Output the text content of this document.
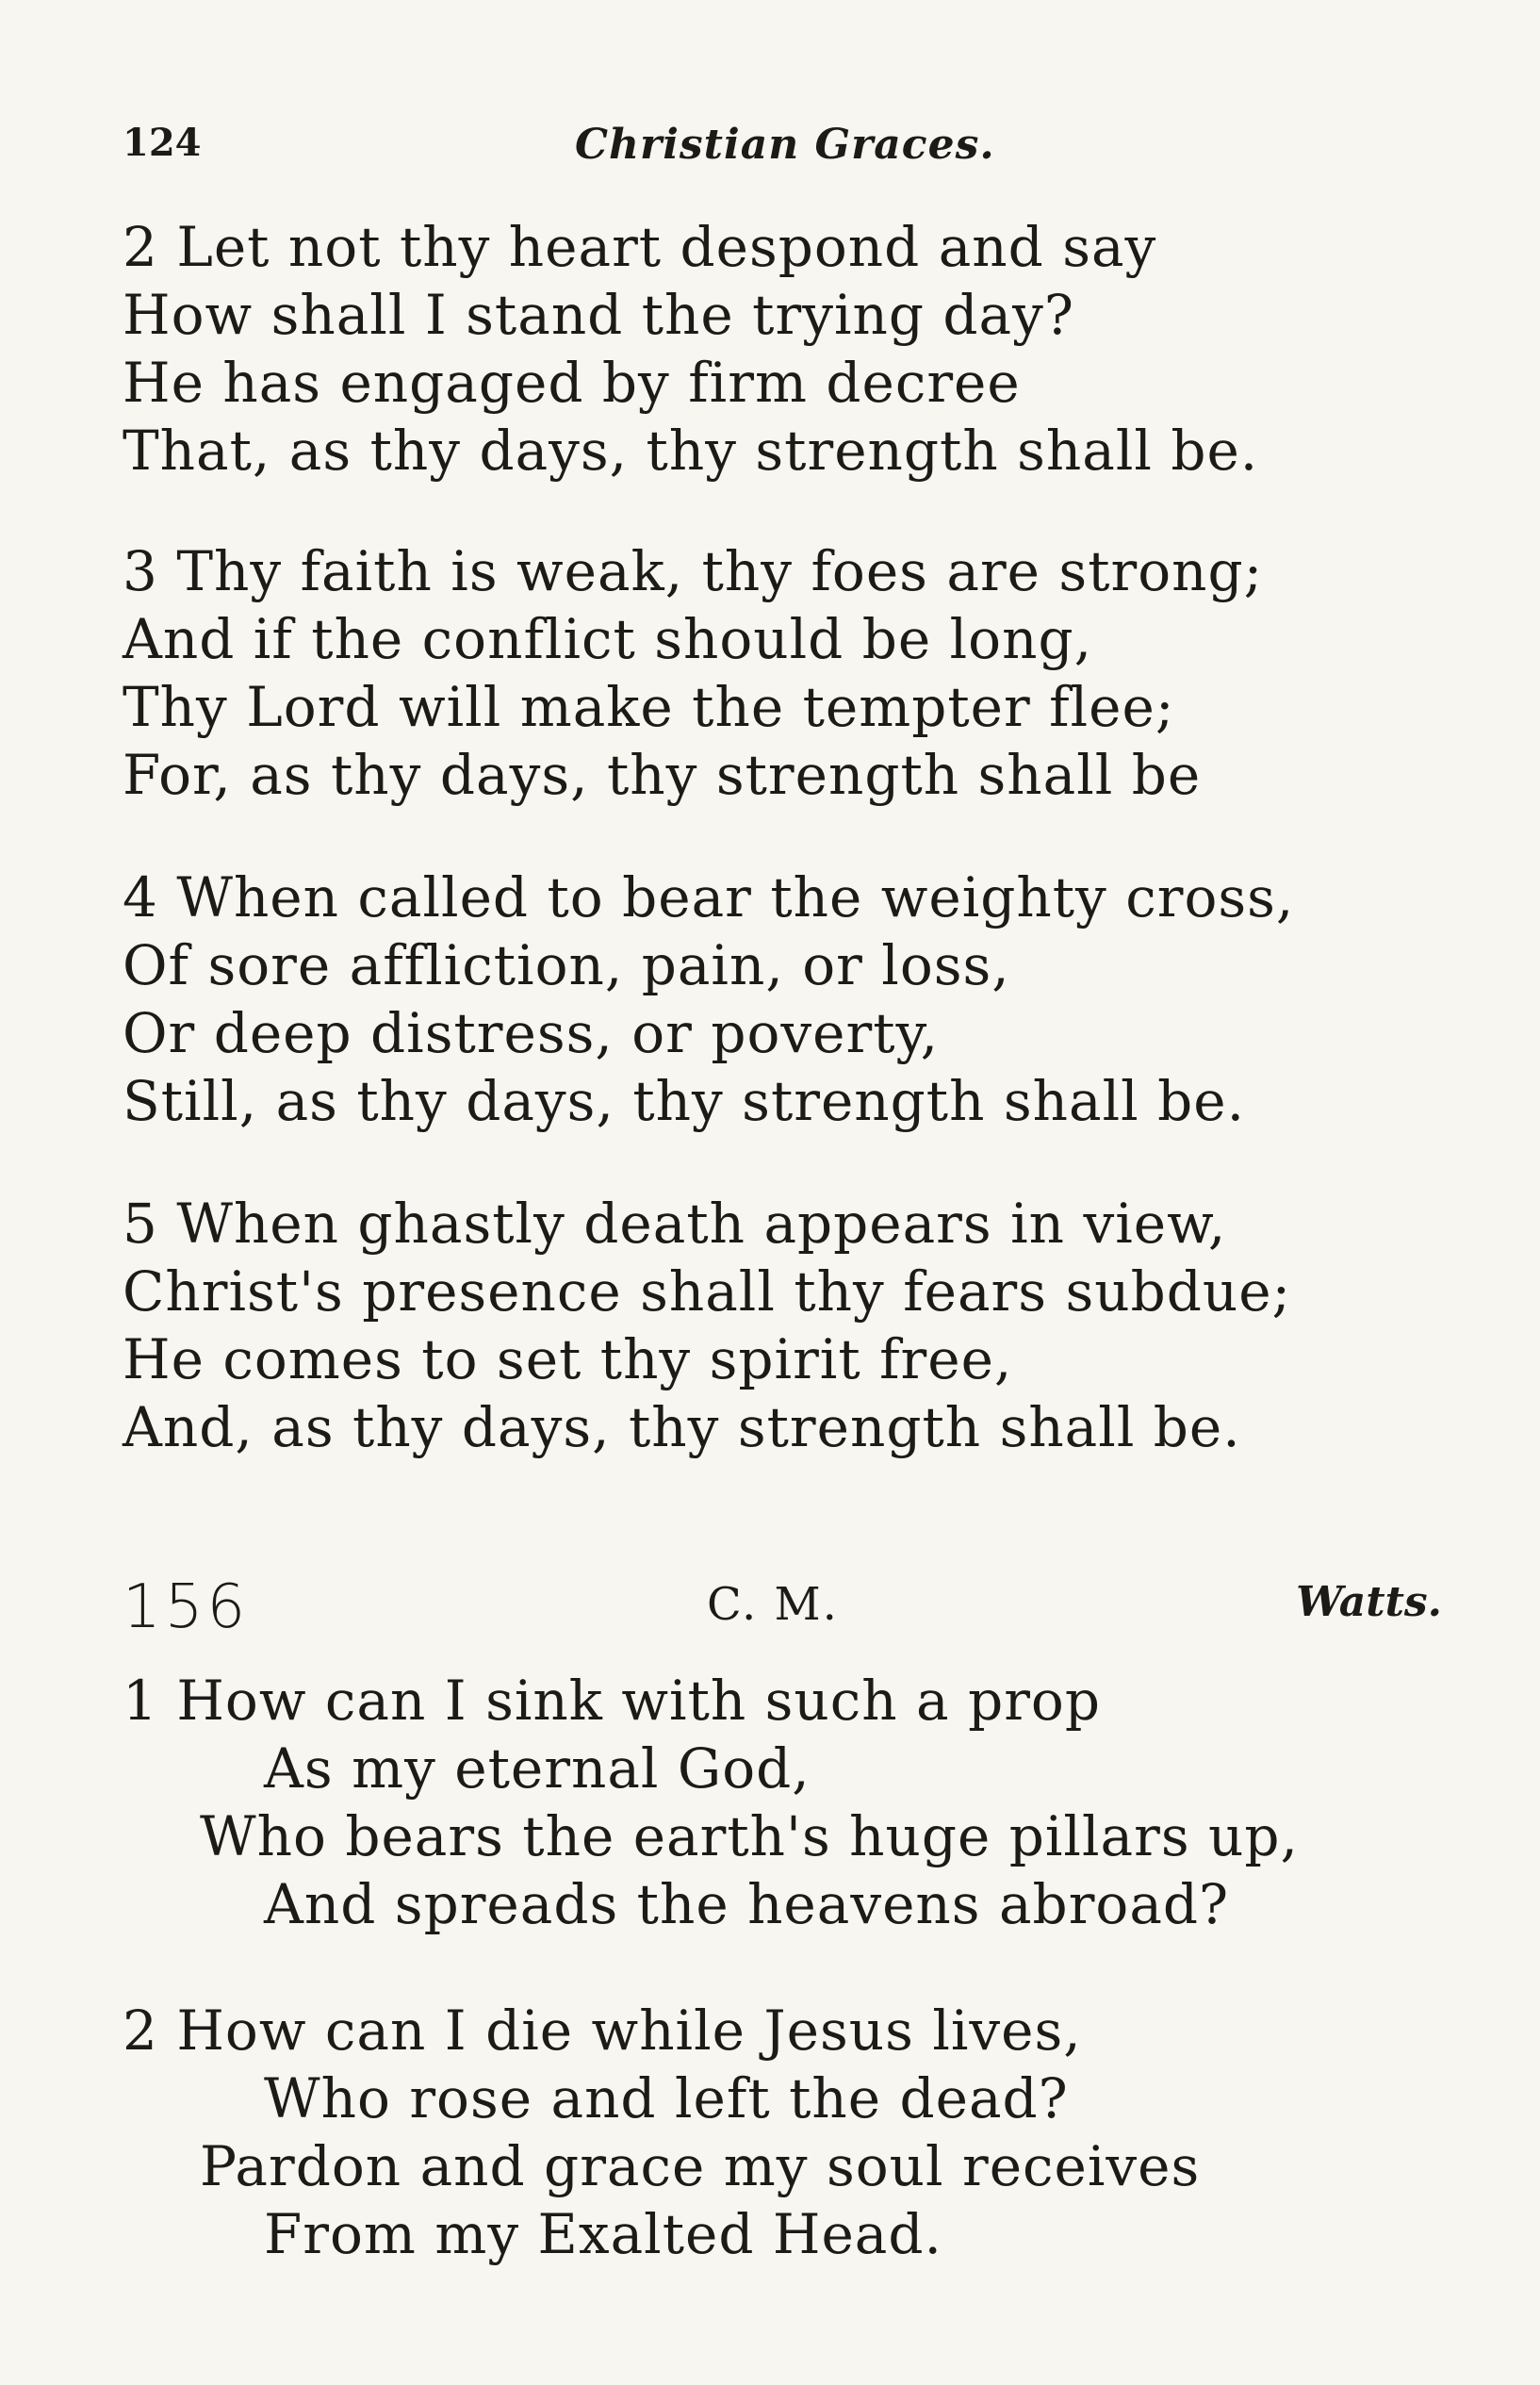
124	Christian Graces.
2 Let not thy heart despond and say
How shall I stand the trying day?
He has engaged by firm decree
That, as thy days, thy strength shall be.
3 Thy faith is weak, thy foes are strong;
And if the conflict should be long,
Thy Lord will make the tempter flee;
For, as thy days, thy strength shall be
4 When called to bear the weighty cross,
Of sore affliction, pain, or loss,
Or deep distress, or poverty,
Still, as thy days, thy strength shall be.
5 When ghastly death appears in view,
Christ's presence shall thy fears subdue;
He comes to set thy spirit free,
And, as thy days, thy strength shall be.
156	C. M.	Watts.
1 How can I sink with such a prop
As my eternal God,
Who bears the earth's huge pillars up,
And spreads the heavens abroad?
2 How can I die while Jesus lives,
Who rose and left the dead?
Pardon and grace my soul receives
From my Exalted Head.
